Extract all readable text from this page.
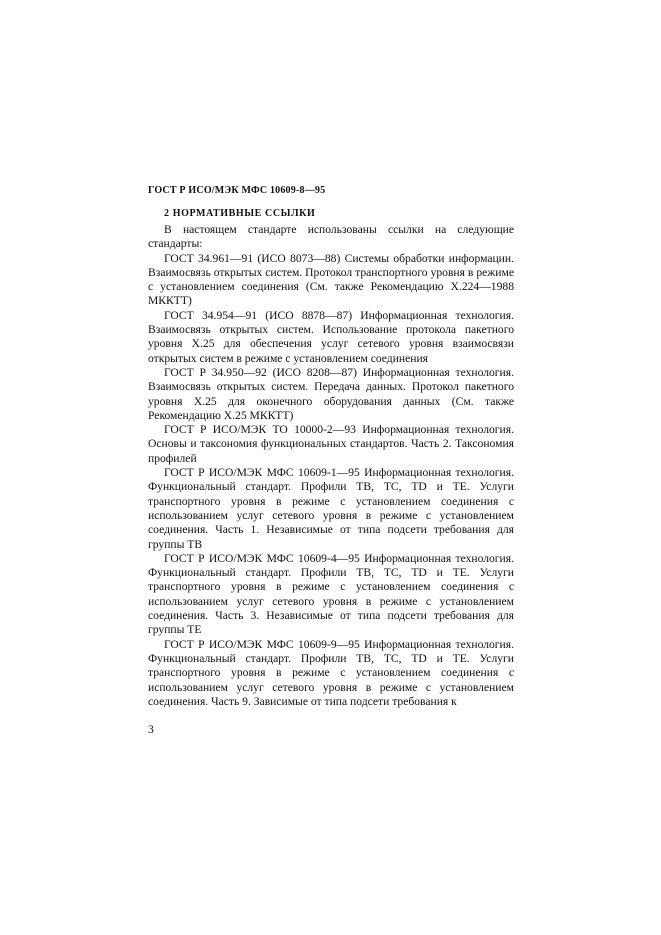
ГОСТ Р ИСО/МЭК МФС 10609-8—95
2 НОРМАТИВНЫЕ ССЫЛКИ

В настоящем стандарте использованы ссылки на следующие стандарты:

ГОСТ 34.961—91 (ИСО 8073—88) Системы обработки информации. Взаимосвязь открытых систем. Протокол транспортного уровня в режиме с установлением соединения (См. также Рекомендацию Х.224—1988 МККТТ)

ГОСТ 34.954—91 (ИСО 8878—87) Информационная технология. Взаимосвязь открытых систем. Использование протокола пакетного уровня Х.25 для обеспечения услуг сетевого уровня взаимосвязи открытых систем в режиме с установлением соединения

ГОСТ Р 34.950—92 (ИСО 8208—87) Информационная технология. Взаимосвязь открытых систем. Передача данных. Протокол пакетного уровня Х.25 для оконечного оборудования данных (См. также Рекомендацию Х.25 МККТТ)

ГОСТ Р ИСО/МЭК ТО 10000-2—93 Информационная технология. Основы и таксономия функциональных стандартов. Часть 2. Таксономия профилей

ГОСТ Р ИСО/МЭК МФС 10609-1—95 Информационная технология. Функциональный стандарт. Профили ТВ, ТС, TD и ТЕ. Услуги транспортного уровня в режиме с установлением соединения с использованием услуг сетевого уровня в режиме с установлением соединения. Часть 1. Независимые от типа подсети требования для группы ТВ

ГОСТ Р ИСО/МЭК МФС 10609-4—95 Информационная технология. Функциональный стандарт. Профили ТВ, ТС, TD и ТЕ. Услуги транспортного уровня в режиме с установлением соединения с использованием услуг сетевого уровня в режиме с установлением соединения. Часть 3. Независимые от типа подсети требования для группы ТЕ

ГОСТ Р ИСО/МЭК МФС 10609-9—95 Информационная технология. Функциональный стандарт. Профили ТВ, ТС, TD и ТЕ. Услуги транспортного уровня в режиме с установлением соединения с использованием услуг сетевого уровня в режиме с установлением соединения. Часть 9. Зависимые от типа подсети требования к

3
